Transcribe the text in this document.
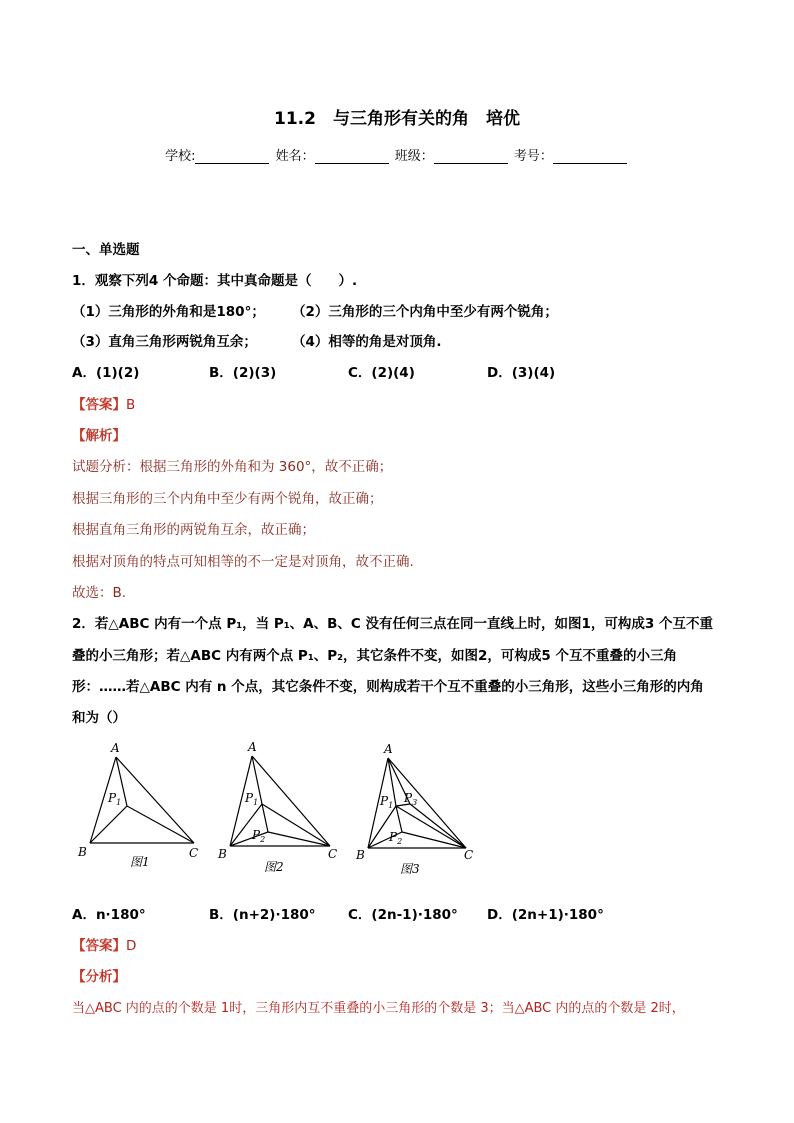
11.2　与三角形有关的角　培优
学校:	姓名：	班级：	考号：
一、单选题
1．观察下列4 个命题：其中真命题是（　　）.
（1）三角形的外角和是180°； （2）三角形的三个内角中至少有两个锐角；
（3）直角三角形两锐角互余；	（4）相等的角是对顶角.
A．(1)(2)	B．(2)(3)	C．(2)(4)	D．(3)(4)
【答案】B
【解析】
试题分析：根据三角形的外角和为 360°，故不正确；
根据三角形的三个内角中至少有两个锐角，故正确；
根据直角三角形的两锐角互余，故正确；
根据对顶角的特点可知相等的不一定是对顶角，故不正确.
故选：B.
2．若△ABC 内有一个点 P₁，当 P₁、A、B、C 没有任何三点在同一直线上时，如图1，可构成3 个互不重
叠的小三角形；若△ABC 内有两个点 P₁、P₂，其它条件不变，如图2，可构成5 个互不重叠的小三角
形：……若△ABC 内有 n 个点，其它条件不变，则构成若干个互不重叠的小三角形，这些小三角形的内角
和为（）
A
B	C
$P_1$
图1
A
B	C
$P_1$
$P_2$
图2
A
B	C
$P_1$
$P_3$
$P_2$
图3
A．n·180°	B．(n+2)·180° C．(2n-1)·180° D．(2n+1)·180°
【答案】D
【分析】
当△ABC 内的点的个数是 1时，三角形内互不重叠的小三角形的个数是 3；当△ABC 内的点的个数是 2时，
